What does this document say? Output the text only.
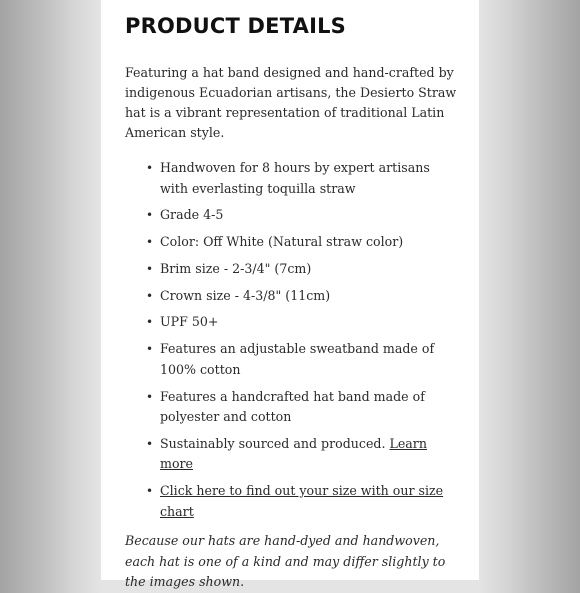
PRODUCT DETAILS

Featuring a hat band designed and hand-crafted by indigenous Ecuadorian artisans, the Desierto Straw hat is a vibrant representation of traditional Latin American style.

• Handwoven for 8 hours by expert artisans with everlasting toquilla straw
• Grade 4-5
• Color: Off White (Natural straw color)
• Brim size - 2-3/4" (7cm)
• Crown size - 4-3/8" (11cm)
• UPF 50+
• Features an adjustable sweatband made of 100% cotton
• Features a handcrafted hat band made of polyester and cotton
• Sustainably sourced and produced. Learn more
• Click here to find out your size with our size chart

Because our hats are hand-dyed and handwoven, each hat is one of a kind and may differ slightly to the images shown.
